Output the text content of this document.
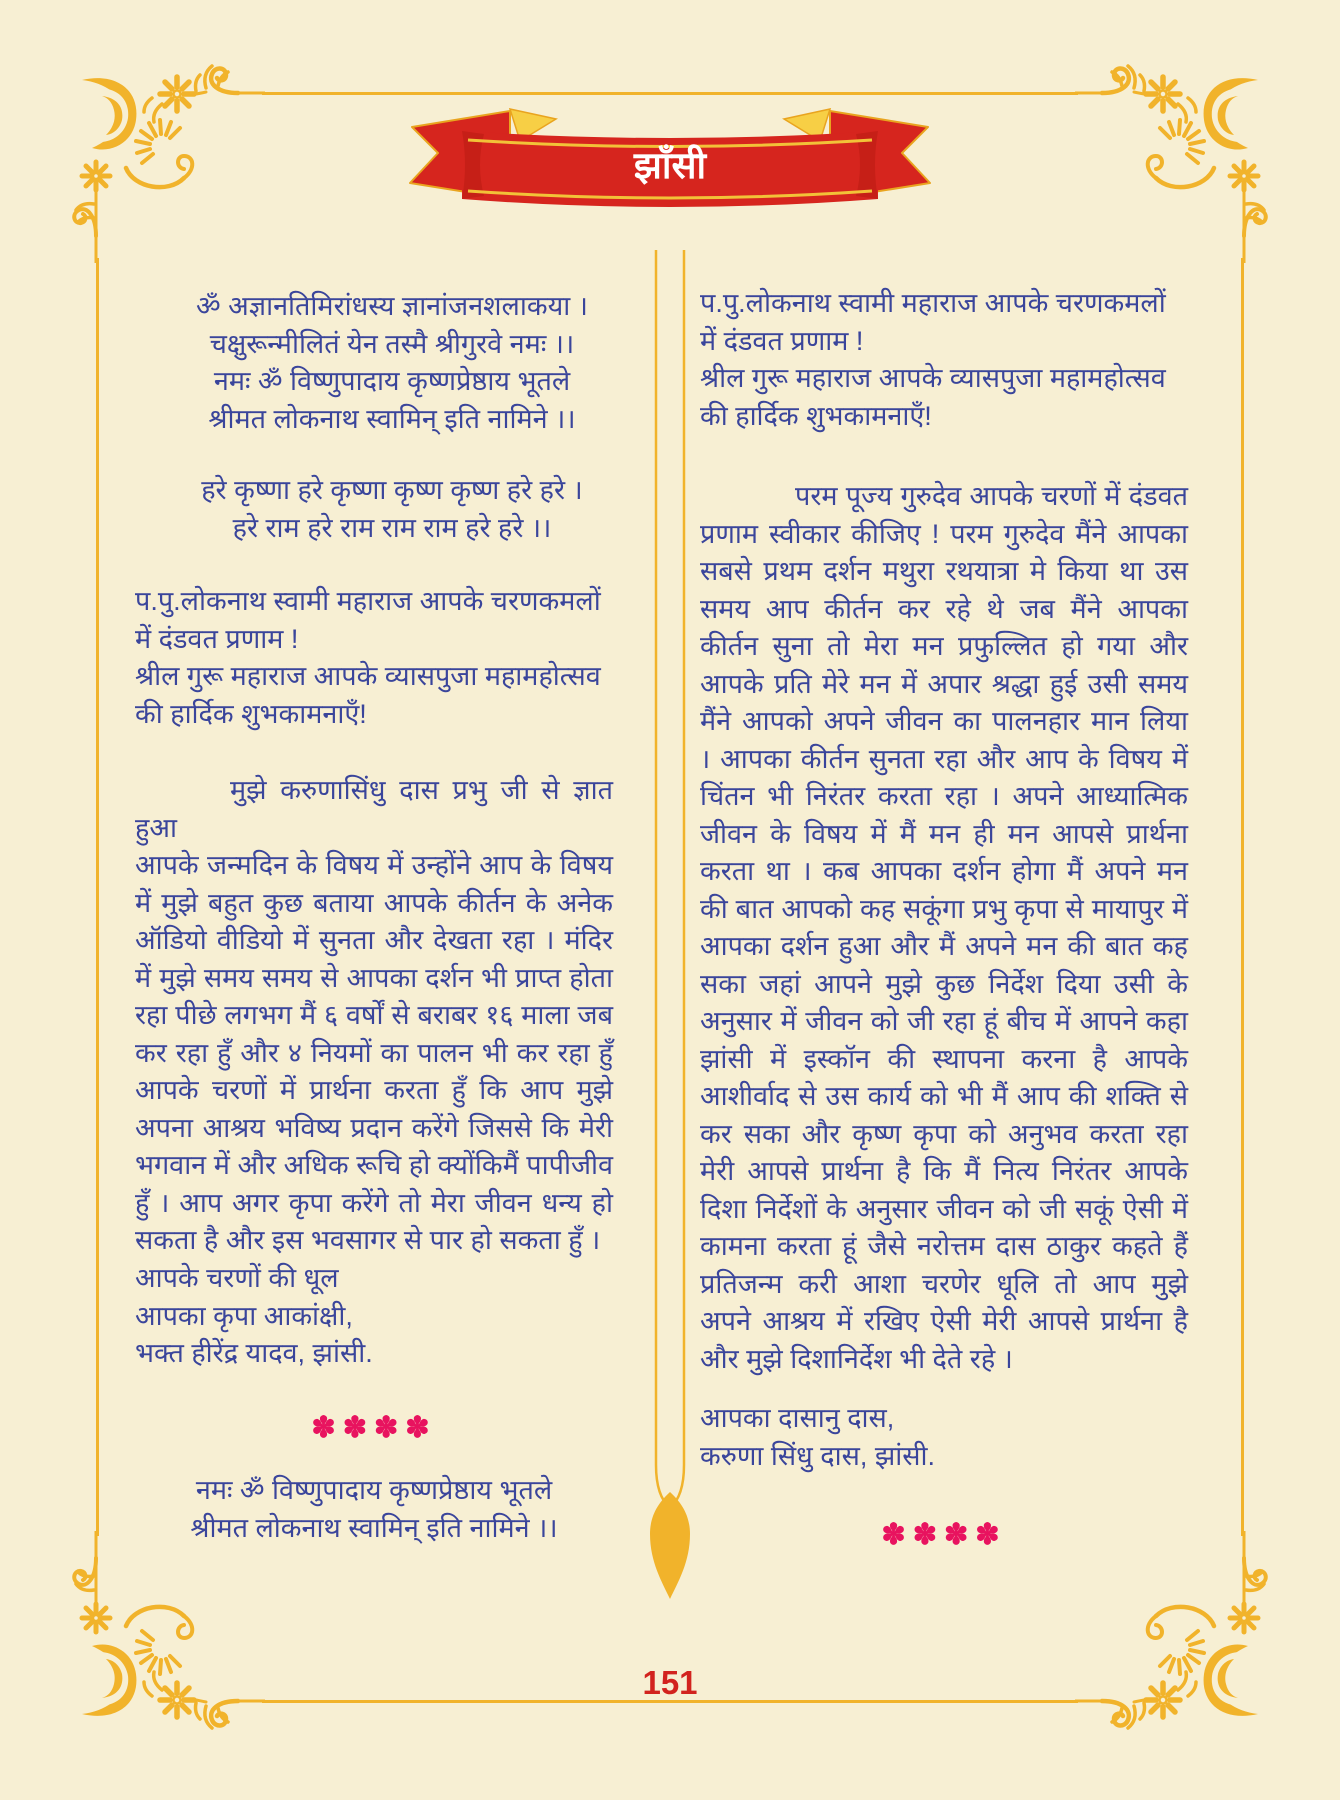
झाँसी
ॐ अज्ञानतिमिरांधस्य ज्ञानांजनशलाकया ।
चक्षुरून्मीलितं येन तस्मै श्रीगुरवे नमः ।।
नमः ॐ विष्णुपादाय कृष्णप्रेष्ठाय भूतले
श्रीमत लोकनाथ स्वामिन् इति नामिने ।।
हरे कृष्णा हरे कृष्णा कृष्ण कृष्ण हरे हरे ।
हरे राम हरे राम राम राम हरे हरे ।।
प.पु.लोकनाथ स्वामी महाराज आपके चरणकमलों
में दंडवत प्रणाम !
श्रील गुरू महाराज आपके व्यासपुजा महामहोत्सव
की हार्दिक शुभकामनाएँ!
मुझे करुणासिंधु दास प्रभु जी से ज्ञात हुआ
आपके जन्मदिन के विषय में उन्होंने आप के विषय
में मुझे बहुत कुछ बताया आपके कीर्तन के अनेक
ऑडियो वीडियो में सुनता और देखता रहा । मंदिर
में मुझे समय समय से आपका दर्शन भी प्राप्त होता
रहा पीछे लगभग मैं ६ वर्षों से बराबर १६ माला जब
कर रहा हुँ और ४ नियमों का पालन भी कर रहा हुँ
आपके चरणों में प्रार्थना करता हुँ कि आप मुझे
अपना आश्रय भविष्य प्रदान करेंगे जिससे कि मेरी
भगवान में और अधिक रूचि हो क्योंकिमैं पापीजीव
हुँ । आप अगर कृपा करेंगे तो मेरा जीवन धन्य हो
सकता है और इस भवसागर से पार हो सकता हुँ ।
आपके चरणों की धूल
आपका कृपा आकांक्षी,
भक्त हीरेंद्र यादव, झांसी.
✽✽✽✽
नमः ॐ विष्णुपादाय कृष्णप्रेष्ठाय भूतले
श्रीमत लोकनाथ स्वामिन् इति नामिने ।।
प.पु.लोकनाथ स्वामी महाराज आपके चरणकमलों
में दंडवत प्रणाम !
श्रील गुरू महाराज आपके व्यासपुजा महामहोत्सव
की हार्दिक शुभकामनाएँ!
परम पूज्य गुरुदेव आपके चरणों में दंडवत
प्रणाम स्वीकार कीजिए ! परम गुरुदेव मैंने आपका
सबसे प्रथम दर्शन मथुरा रथयात्रा मे किया था उस
समय आप कीर्तन कर रहे थे जब मैंने आपका
कीर्तन सुना तो मेरा मन प्रफुल्लित हो गया और
आपके प्रति मेरे मन में अपार श्रद्धा हुई उसी समय
मैंने आपको अपने जीवन का पालनहार मान लिया
। आपका कीर्तन सुनता रहा और आप के विषय में
चिंतन भी निरंतर करता रहा । अपने आध्यात्मिक
जीवन के विषय में मैं मन ही मन आपसे प्रार्थना
करता था । कब आपका दर्शन होगा मैं अपने मन
की बात आपको कह सकूंगा प्रभु कृपा से मायापुर में
आपका दर्शन हुआ और मैं अपने मन की बात कह
सका जहां आपने मुझे कुछ निर्देश दिया उसी के
अनुसार में जीवन को जी रहा हूं बीच में आपने कहा
झांसी में इस्कॉन की स्थापना करना है आपके
आशीर्वाद से उस कार्य को भी मैं आप की शक्ति से
कर सका और कृष्ण कृपा को अनुभव करता रहा
मेरी आपसे प्रार्थना है कि मैं नित्य निरंतर आपके
दिशा निर्देशों के अनुसार जीवन को जी सकूं ऐसी में
कामना करता हूं जैसे नरोत्तम दास ठाकुर कहते हैं
प्रतिजन्म करी आशा चरणेर धूलि तो आप मुझे
अपने आश्रय में रखिए ऐसी मेरी आपसे प्रार्थना है
और मुझे दिशानिर्देश भी देते रहे ।
आपका दासानु दास,
करुणा सिंधु दास, झांसी.
✽✽✽✽
151
